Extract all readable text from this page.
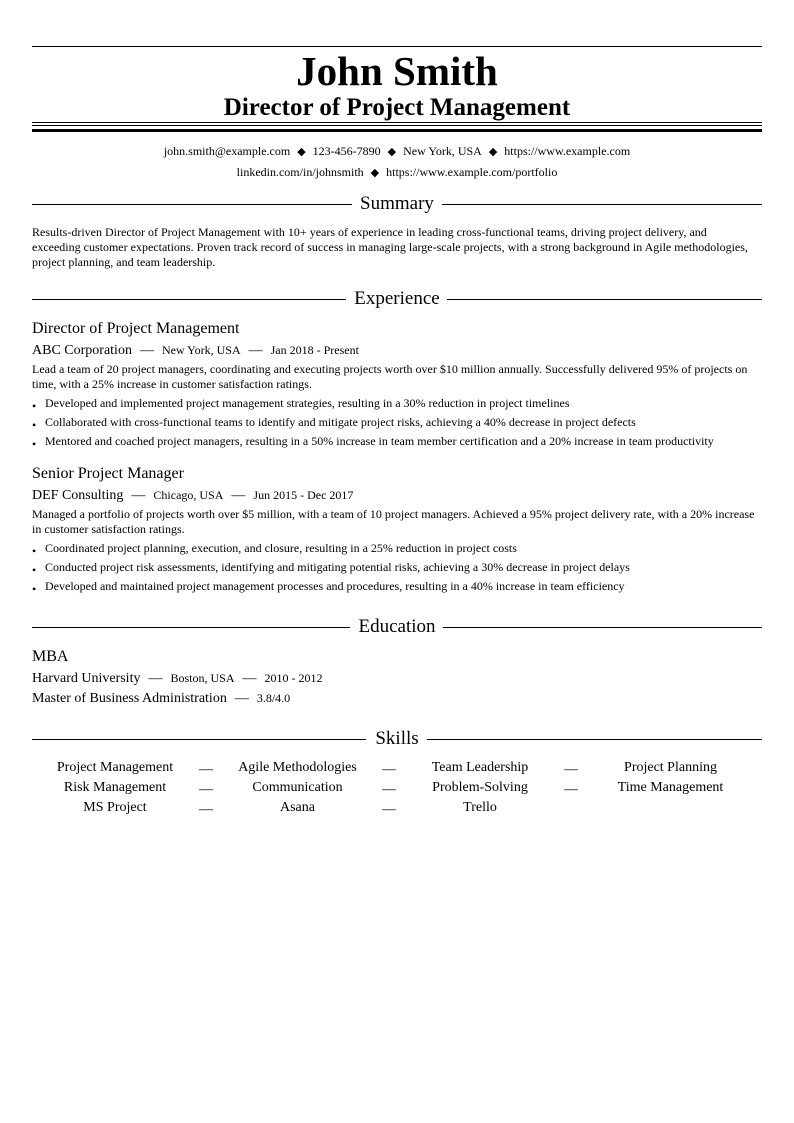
John Smith
Director of Project Management
john.smith@example.com ◆ 123-456-7890 ◆ New York, USA ◆ https://www.example.com
linkedin.com/in/johnsmith ◆ https://www.example.com/portfolio
Summary
Results-driven Director of Project Management with 10+ years of experience in leading cross-functional teams, driving project delivery, and exceeding customer expectations. Proven track record of success in managing large-scale projects, with a strong background in Agile methodologies, project planning, and team leadership.
Experience
Director of Project Management
ABC Corporation — New York, USA — Jan 2018 - Present
Lead a team of 20 project managers, coordinating and executing projects worth over $10 million annually. Successfully delivered 95% of projects on time, with a 25% increase in customer satisfaction ratings.
• Developed and implemented project management strategies, resulting in a 30% reduction in project timelines
• Collaborated with cross-functional teams to identify and mitigate project risks, achieving a 40% decrease in project defects
• Mentored and coached project managers, resulting in a 50% increase in team member certification and a 20% increase in team productivity
Senior Project Manager
DEF Consulting — Chicago, USA — Jun 2015 - Dec 2017
Managed a portfolio of projects worth over $5 million, with a team of 10 project managers. Achieved a 95% project delivery rate, with a 20% increase in customer satisfaction ratings.
• Coordinated project planning, execution, and closure, resulting in a 25% reduction in project costs
• Conducted project risk assessments, identifying and mitigating potential risks, achieving a 30% decrease in project delays
• Developed and maintained project management processes and procedures, resulting in a 40% increase in team efficiency
Education
MBA
Harvard University — Boston, USA — 2010 - 2012
Master of Business Administration — 3.8/4.0
Skills
Project Management	—	Agile Methodologies	—	Team Leadership	—	Project Planning
Risk Management	—	Communication	—	Problem-Solving	—	Time Management
MS Project	—	Asana	—	Trello
